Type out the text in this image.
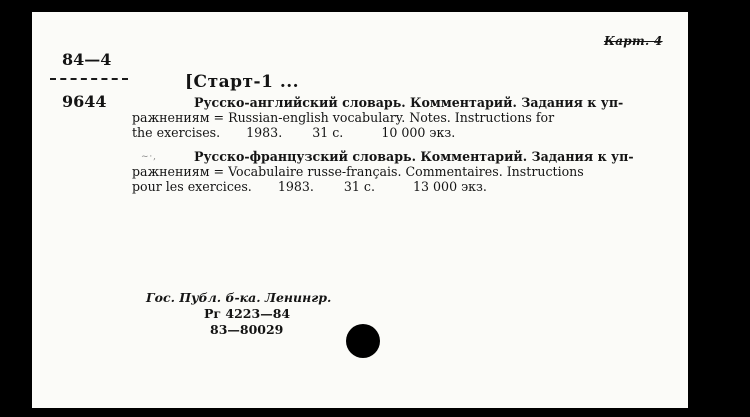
Карт. 4
84—4
9644
[Старт-1 ...

Русско-английский словарь. Комментарий. Задания к уп-

ражнениям = Russian-english vocabulary. Notes. Instructions for

the exercises. 1983. 31 с.	10 000 экз.

~ · ,	Русско-французский словарь. Комментарий. Задания к уп-

ражнениям = Vocabulaire russe-français. Commentaires. Instructions

pour les exercices. 1983. 31 с.	13 000 экз.

Гос. Публ. б-ка. Ленингр.
Рг 4223—84
83—80029
